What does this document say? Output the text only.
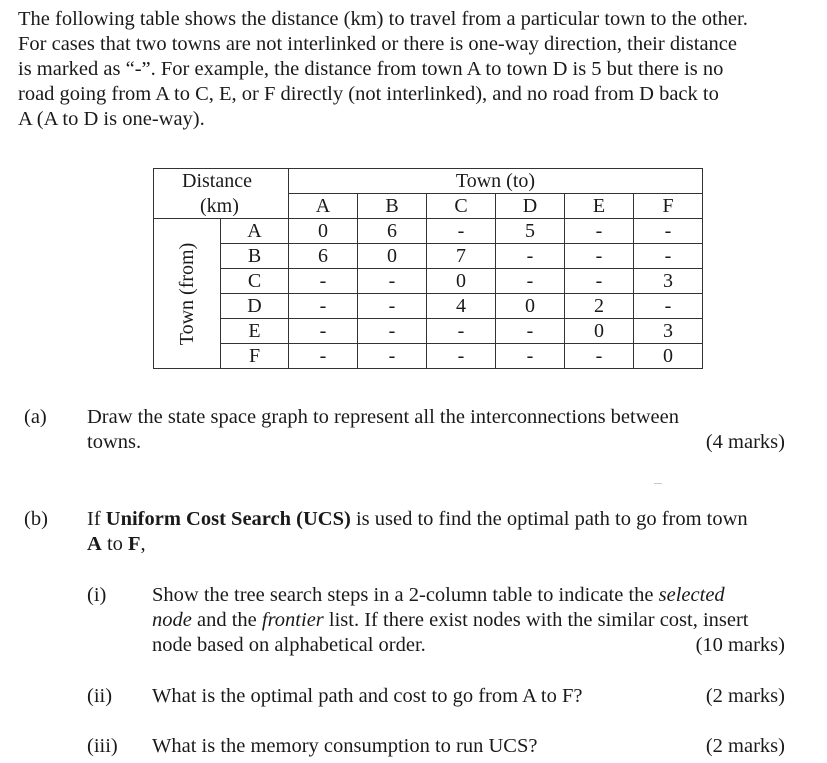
The following table shows the distance (km) to travel from a particular town to the other.
For cases that two towns are not interlinked or there is one-way direction, their distance
is marked as “-”. For example, the distance from town A to town D is 5 but there is no
road going from A to C, E, or F directly (not interlinked), and no road from D back to
A (A to D is one-way).
Distance		Town (to)					
(km)		A	B	C	D	E	F

Town (from)	A	0	6	-	5	-	-
	B	6	0	7	-	-	-
	C	-	-	0	-	-	3
	D	-	-	4	0	2	-
	E	-	-	-	-	0	3
	F	-	-	-	-	-	0
(a) Draw the state space graph to represent all the interconnections between
towns.	(4 marks)
(b) If Uniform Cost Search (UCS) is used to find the optimal path to go from town
A to F,
(i) Show the tree search steps in a 2-column table to indicate the selected
node and the frontier list. If there exist nodes with the similar cost, insert
node based on alphabetical order.	(10 marks)
(ii) What is the optimal path and cost to go from A to F?	(2 marks)
(iii) What is the memory consumption to run UCS?	(2 marks)
